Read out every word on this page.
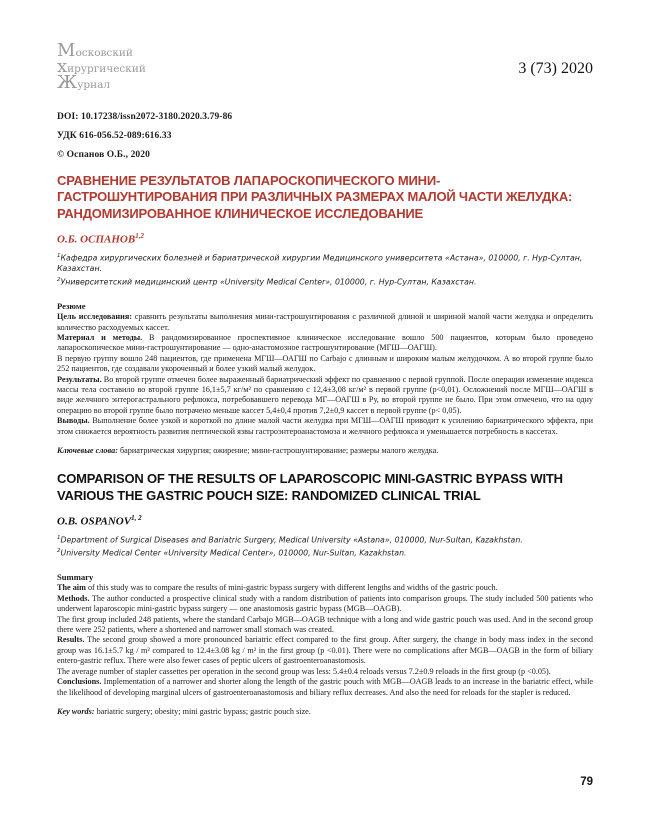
Московский
хирургический
Журнал
3 (73) 2020

DOI: 10.17238/issn2072-3180.2020.3.79-86

УДК 616-056.52-089:616.33

© Оспанов О.Б., 2020

СРАВНЕНИЕ РЕЗУЛЬТАТОВ ЛАПАРОСКОПИЧЕСКОГО МИНИ-ГАСТРОШУНТИРОВАНИЯ ПРИ РАЗЛИЧНЫХ РАЗМЕРАХ МАЛОЙ ЧАСТИ ЖЕЛУДКА: РАНДОМИЗИРОВАННОЕ КЛИНИЧЕСКОЕ ИССЛЕДОВАНИЕ

О.Б. ОСПАНОВ$^{1,2}$

$^1$Кафедра хирургических болезней и бариатрической хирургии Медицинского университета «Астана», 010000, г. Нур-Султан, Казахстан.

$^2$Университетский медицинский центр «University Medical Center», 010000, г. Нур-Султан, Казахстан.

Резюме

Цель исследования: сравнить результаты выполнения мини-гастрошунтирования с различной длиной и шириной малой части желудка и определить количество расходуемых кассет.

Материал и методы. В рандомизированное проспективное клиническое исследование вошло 500 пациентов, которым было проведено лапароскопическое мини-гастрошунтирование — одно-анастомозное гастрошунтирование (МГШ—ОАГШ).

В первую группу вошло 248 пациентов, где применена МГШ—ОАГШ по Carbajo с длинным и широким малым желудочком. А во второй группе было 252 пациентов, где создавали укороченный и более узкий малый желудок.

Результаты. Во второй группе отмечен более выраженный бариатрический эффект по сравнению с первой группой. После операции изменение индекса массы тела составило во второй группе 16,1±5,7 кг/м² по сравнению с 12,4±3,08 кг/м² в первой группе (p<0,01). Осложнений после МГШ—ОАГШ в виде желчного энтерогастрального рефлюкса, потребовавшего перевода МГ—ОАГШ в Ру, во второй группе не было. При этом отмечено, что на одну операцию во второй группе было потрачено меньше кассет 5,4±0,4 против 7,2±0,9 кассет в первой группе (p< 0,05).

Выводы. Выполнение более узкой и короткой по длине малой части желудка при МГШ—ОАГШ приводит к усилению бариатрического эффекта, при этом снижается вероятность развития пептической язвы гастроэнтероанастомоза и желчного рефлюкса и уменьшается потребность в кассетах.

Ключевые слова: бариатрическая хирургия; ожирение; мини-гастрошунтирование; размеры малого желудка.

COMPARISON OF THE RESULTS OF LAPAROSCOPIC MINI-GASTRIC BYPASS WITH VARIOUS THE GASTRIC POUCH SIZE: RANDOMIZED CLINICAL TRIAL

O.B. OSPANOV$^{1, 2}$

$^1$Department of Surgical Diseases and Bariatric Surgery, Medical University «Astana», 010000, Nur-Sultan, Kazakhstan.

$^2$University Medical Center «University Medical Center», 010000, Nur-Sultan, Kazakhstan.

Summary

The aim of this study was to compare the results of mini-gastric bypass surgery with different lengths and widths of the gastric pouch.

Methods. The author conducted a prospective clinical study with a random distribution of patients into comparison groups. The study included 500 patients who underwent laparoscopic mini-gastric bypass surgery — one anastomosis gastric bypass (MGB—OAGB).

The first group included 248 patients, where the standard Carbajo MGB—OAGB technique with a long and wide gastric pouch was used. And in the second group there were 252 patients, where a shortened and narrower small stomach was created.

Results. The second group showed a more pronounced bariatric effect compared to the first group. After surgery, the change in body mass index in the second group was 16.1±5.7 kg / m² compared to 12.4±3.08 kg / m² in the first group (p <0.01). There were no complications after MGB—OAGB in the form of biliary entero-gastric reflux. There were also fewer cases of peptic ulcers of gastroenteroanastomosis.

The average number of stapler cassettes per operation in the second group was less: 5.4±0.4 reloads versus 7.2±0.9 reloads in the first group (p <0.05).

Conclusions. Implementation of a narrower and shorter along the length of the gastric pouch with MGB—OAGB leads to an increase in the bariatric effect, while the likelihood of developing marginal ulcers of gastroenteroanastomosis and biliary reflux decreases. And also the need for reloads for the stapler is reduced.

Key words: bariatric surgery; obesity; mini gastric bypass; gastric pouch size.

79
